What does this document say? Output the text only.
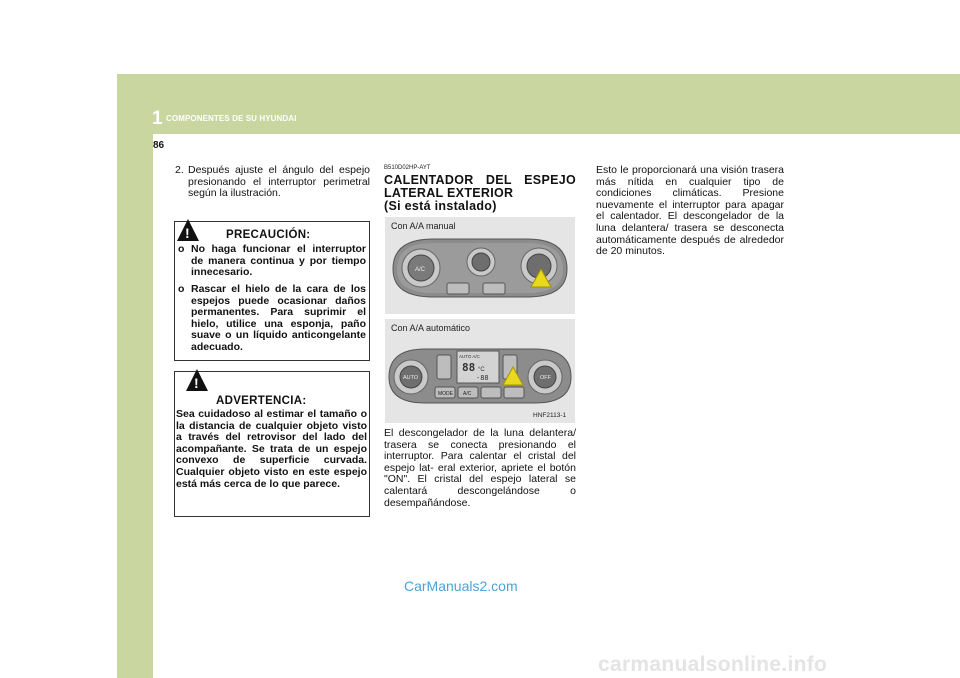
1 COMPONENTES DE SU HYUNDAI
86
2. Después ajuste el ángulo del espejo presionando el interruptor perimetral según la ilustración.
!	PRECAUCIÓN:
o No haga funcionar el interruptor de manera continua y por tiempo innecesario.
o Rascar el hielo de la cara de los espejos puede ocasionar daños permanentes. Para suprimir el hielo, utilice una esponja, paño suave o un líquido anticongelante adecuado.
!
ADVERTENCIA:
Sea cuidadoso al estimar el tamaño o la distancia de cualquier objeto visto a través del retrovisor del lado del acompañante. Se trata de un espejo convexo de superficie curvada. Cualquier objeto visto en este espejo está más cerca de lo que parece.
B510D02HP-AYT
CALENTADOR DEL ESPEJO
LATERAL EXTERIOR
(Si está instalado)
Con A/A manual
A/C
Con A/A automático
AUTO	OFF
AUTO A/C
88 °C
-88
MODE A/C
HNF2113-1
El descongelador de la luna delantera/ trasera se conecta presionando el interruptor. Para calentar el cristal del espejo lat- eral exterior, apriete el botón "ON". El cristal del espejo lateral se calentará descongelándose o desempañándose.
Esto le proporcionará una visión trasera más nítida en cualquier tipo de condiciones climáticas. Presione nuevamente el interruptor para apagar el calentador. El descongelador de la luna delantera/ trasera se desconecta automáticamente después de alrededor de 20 minutos.
CarManuals2.com
carmanualsonline.info
